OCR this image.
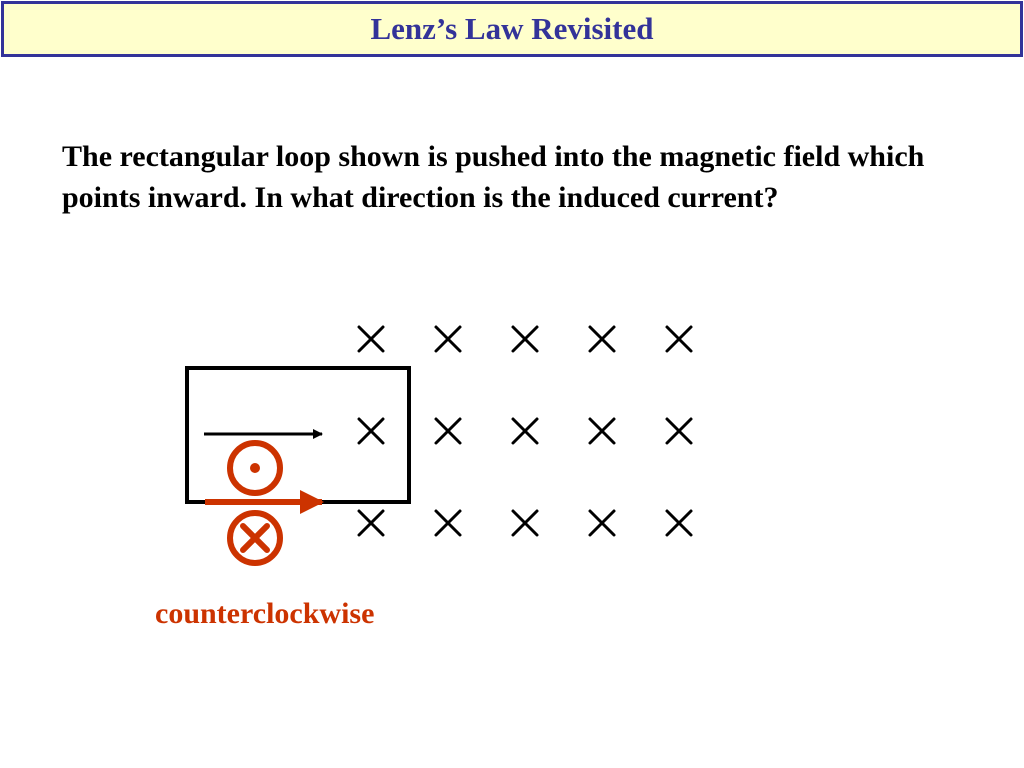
Lenz’s Law Revisited
The rectangular loop shown is pushed into the magnetic field which points inward. In what direction is the induced current?
counterclockwise
